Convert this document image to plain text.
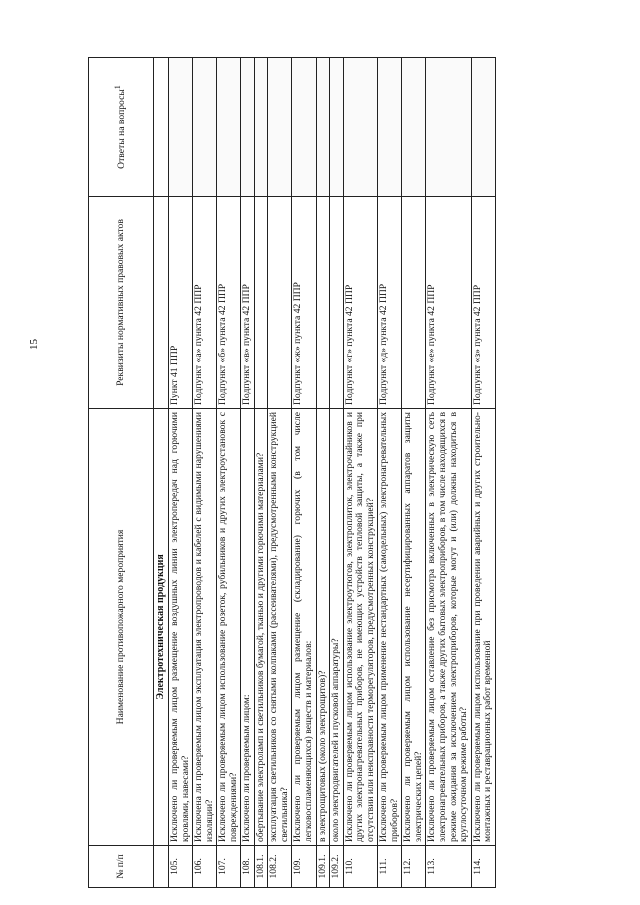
15
№ п/п	Наименование противопожарного мероприятия	Реквизиты нормативных правовых актов	Ответы на вопросы$^1$
	Электротехническая продукция		
105.	Исключено ли проверяемым лицом размещение воздушных линии электропередач над горючими кровлями, навесами?	Пункт 41 ППР	
106.	Исключена ли проверяемым лицом эксплуатация электропроводов и кабелей с видимыми нарушениями изоляции?	Подпункт «а» пункта 42 ППР	
107.	Исключено ли проверяемым лицом использование розеток, рубильников и других электроустановок с повреждениями?	Подпункт «б» пункта 42 ППР	
108.	Исключено ли проверяемым лицом:	Подпункт «в» пункта 42 ППР	
108.1.	обертывание электроламп и светильников бумагой, тканью и другими горючими материалами?		
108.2.	эксплуатация светильников со снятыми колпаками (рассеивателями), предусмотренными конструкцией светильника?		
109.	Исключено ли проверяемым лицом размещение (складирование) горючих (в том числе легковоспламеняющихся) веществ и материалов:	Подпункт «ж» пункта 42 ППР	
109.1.	в электрощитовых (около электрощитов)?		
109.2.	около электродвигателей и пусковой аппаратуры?		
110.	Исключено ли проверяемым лицом использование электроутюгов, электроплиток, электрочайников и других электронагревательных приборов, не имеющих устройств тепловой защиты, а также при отсутствии или неисправности терморегуляторов, предусмотренных конструкцией?	Подпункт «г» пункта 42 ППР	
111.	Исключено ли проверяемым лицом применение нестандартных (самодельных) электронагревательных приборов?	Подпункт «д» пункта 42 ППР	
112.	Исключено ли проверяемым лицом использование несертифицированных аппаратов защиты электрических цепей?		
113.	Исключено ли проверяемым лицом оставление без присмотра включенных в электрическую сеть электронагревательных приборов, а также других бытовых электроприборов, в том числе находящихся в режиме ожидания за исключением электроприборов, которые могут и (или) должны находиться в круглосуточном режиме работы?	Подпункт «е» пункта 42 ППР	
114.	Исключено ли проверяемым лицом использование при проведении аварийных и других строительно-монтажных и реставрационных работ временной	Подпункт «з» пункта 42 ППР	
